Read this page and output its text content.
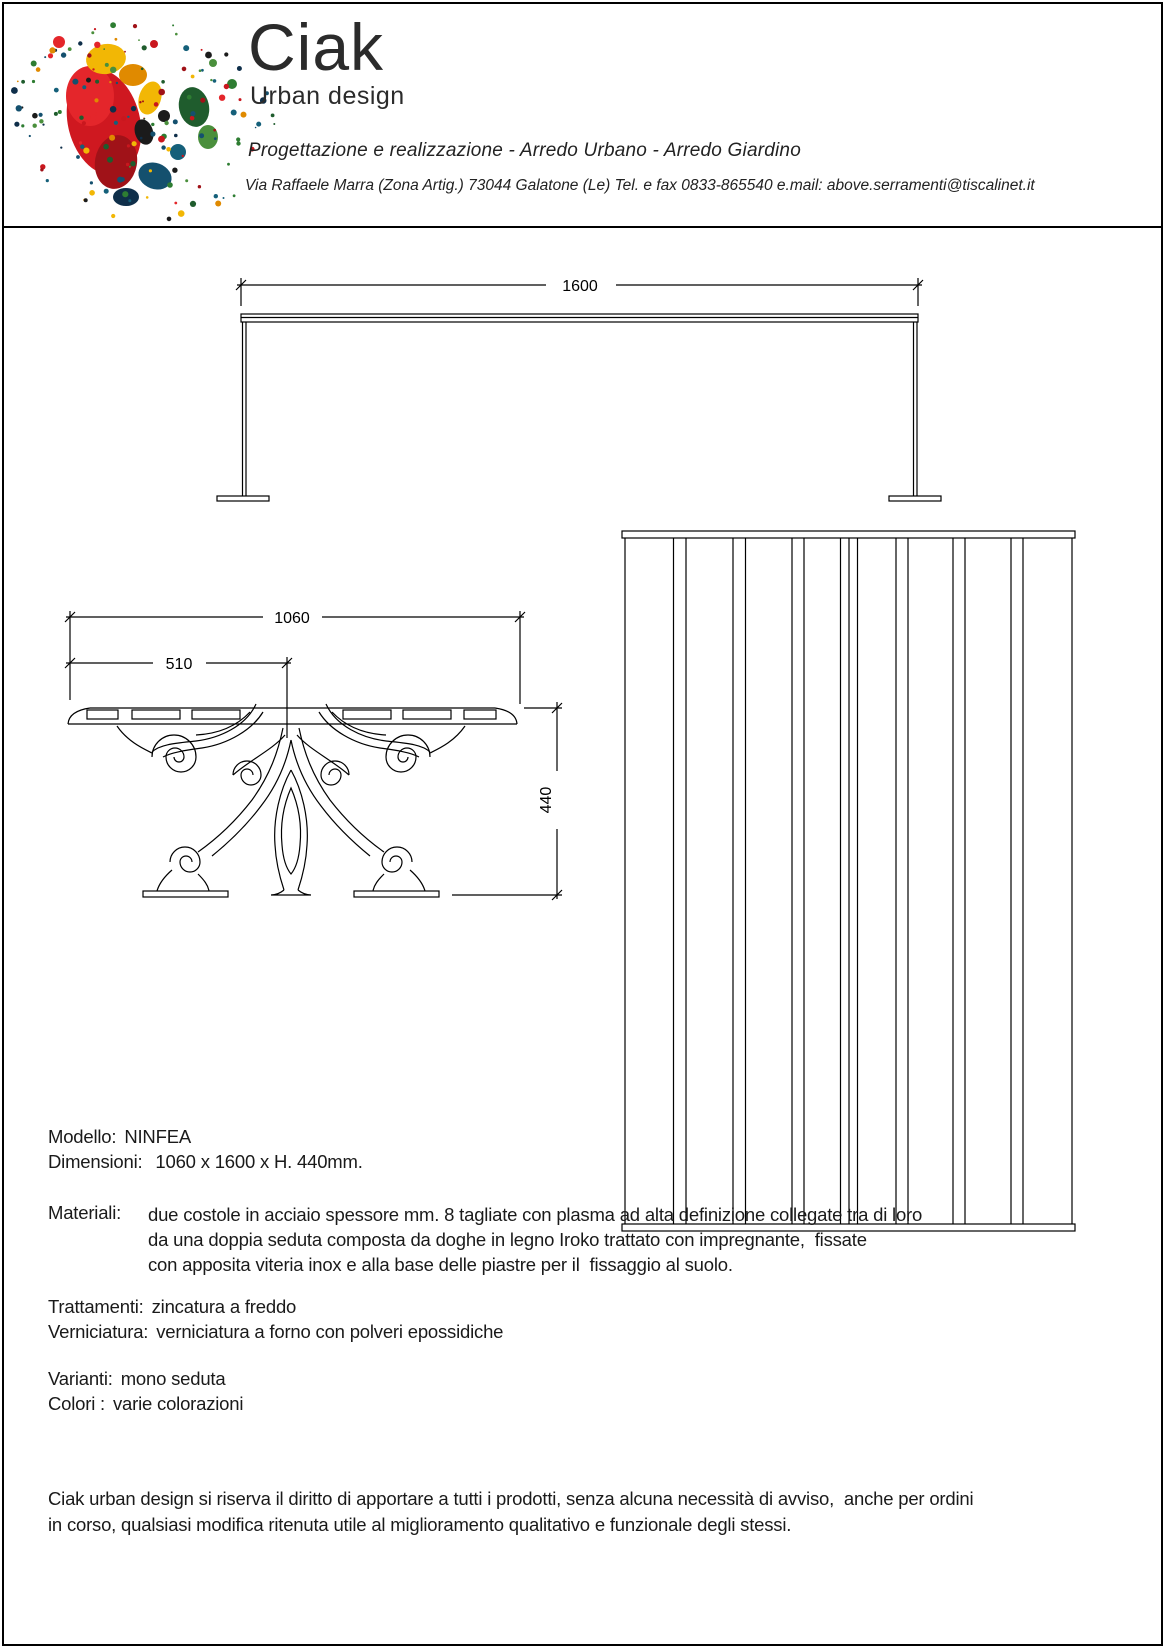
Ciak
Urban design
Progettazione e realizzazione - Arredo Urbano - Arredo Giardino
Via Raffaele Marra (Zona Artig.) 73044 Galatone (Le) Tel. e fax 0833-865540 e.mail: above.serramenti@tiscalinet.it
1600
1060
510
440
Modello: NINFEA
Dimensioni: 1060 x 1600 x H. 440mm.
Materiali:	due costole in acciaio spessore mm. 8 tagliate con plasma ad alta definizione collegate tra di loro
da una doppia seduta composta da doghe in legno Iroko trattato con impregnante,  fissate
con apposita viteria inox e alla base delle piastre per il  fissaggio al suolo.
Trattamenti: zincatura a freddo
Verniciatura: verniciatura a forno con polveri epossidiche
Varianti: mono seduta
Colori : varie colorazioni
Ciak urban design si riserva il diritto di apportare a tutti i prodotti, senza alcuna necessità di avviso,  anche per ordini
in corso, qualsiasi modifica ritenuta utile al miglioramento qualitativo e funzionale degli stessi.
